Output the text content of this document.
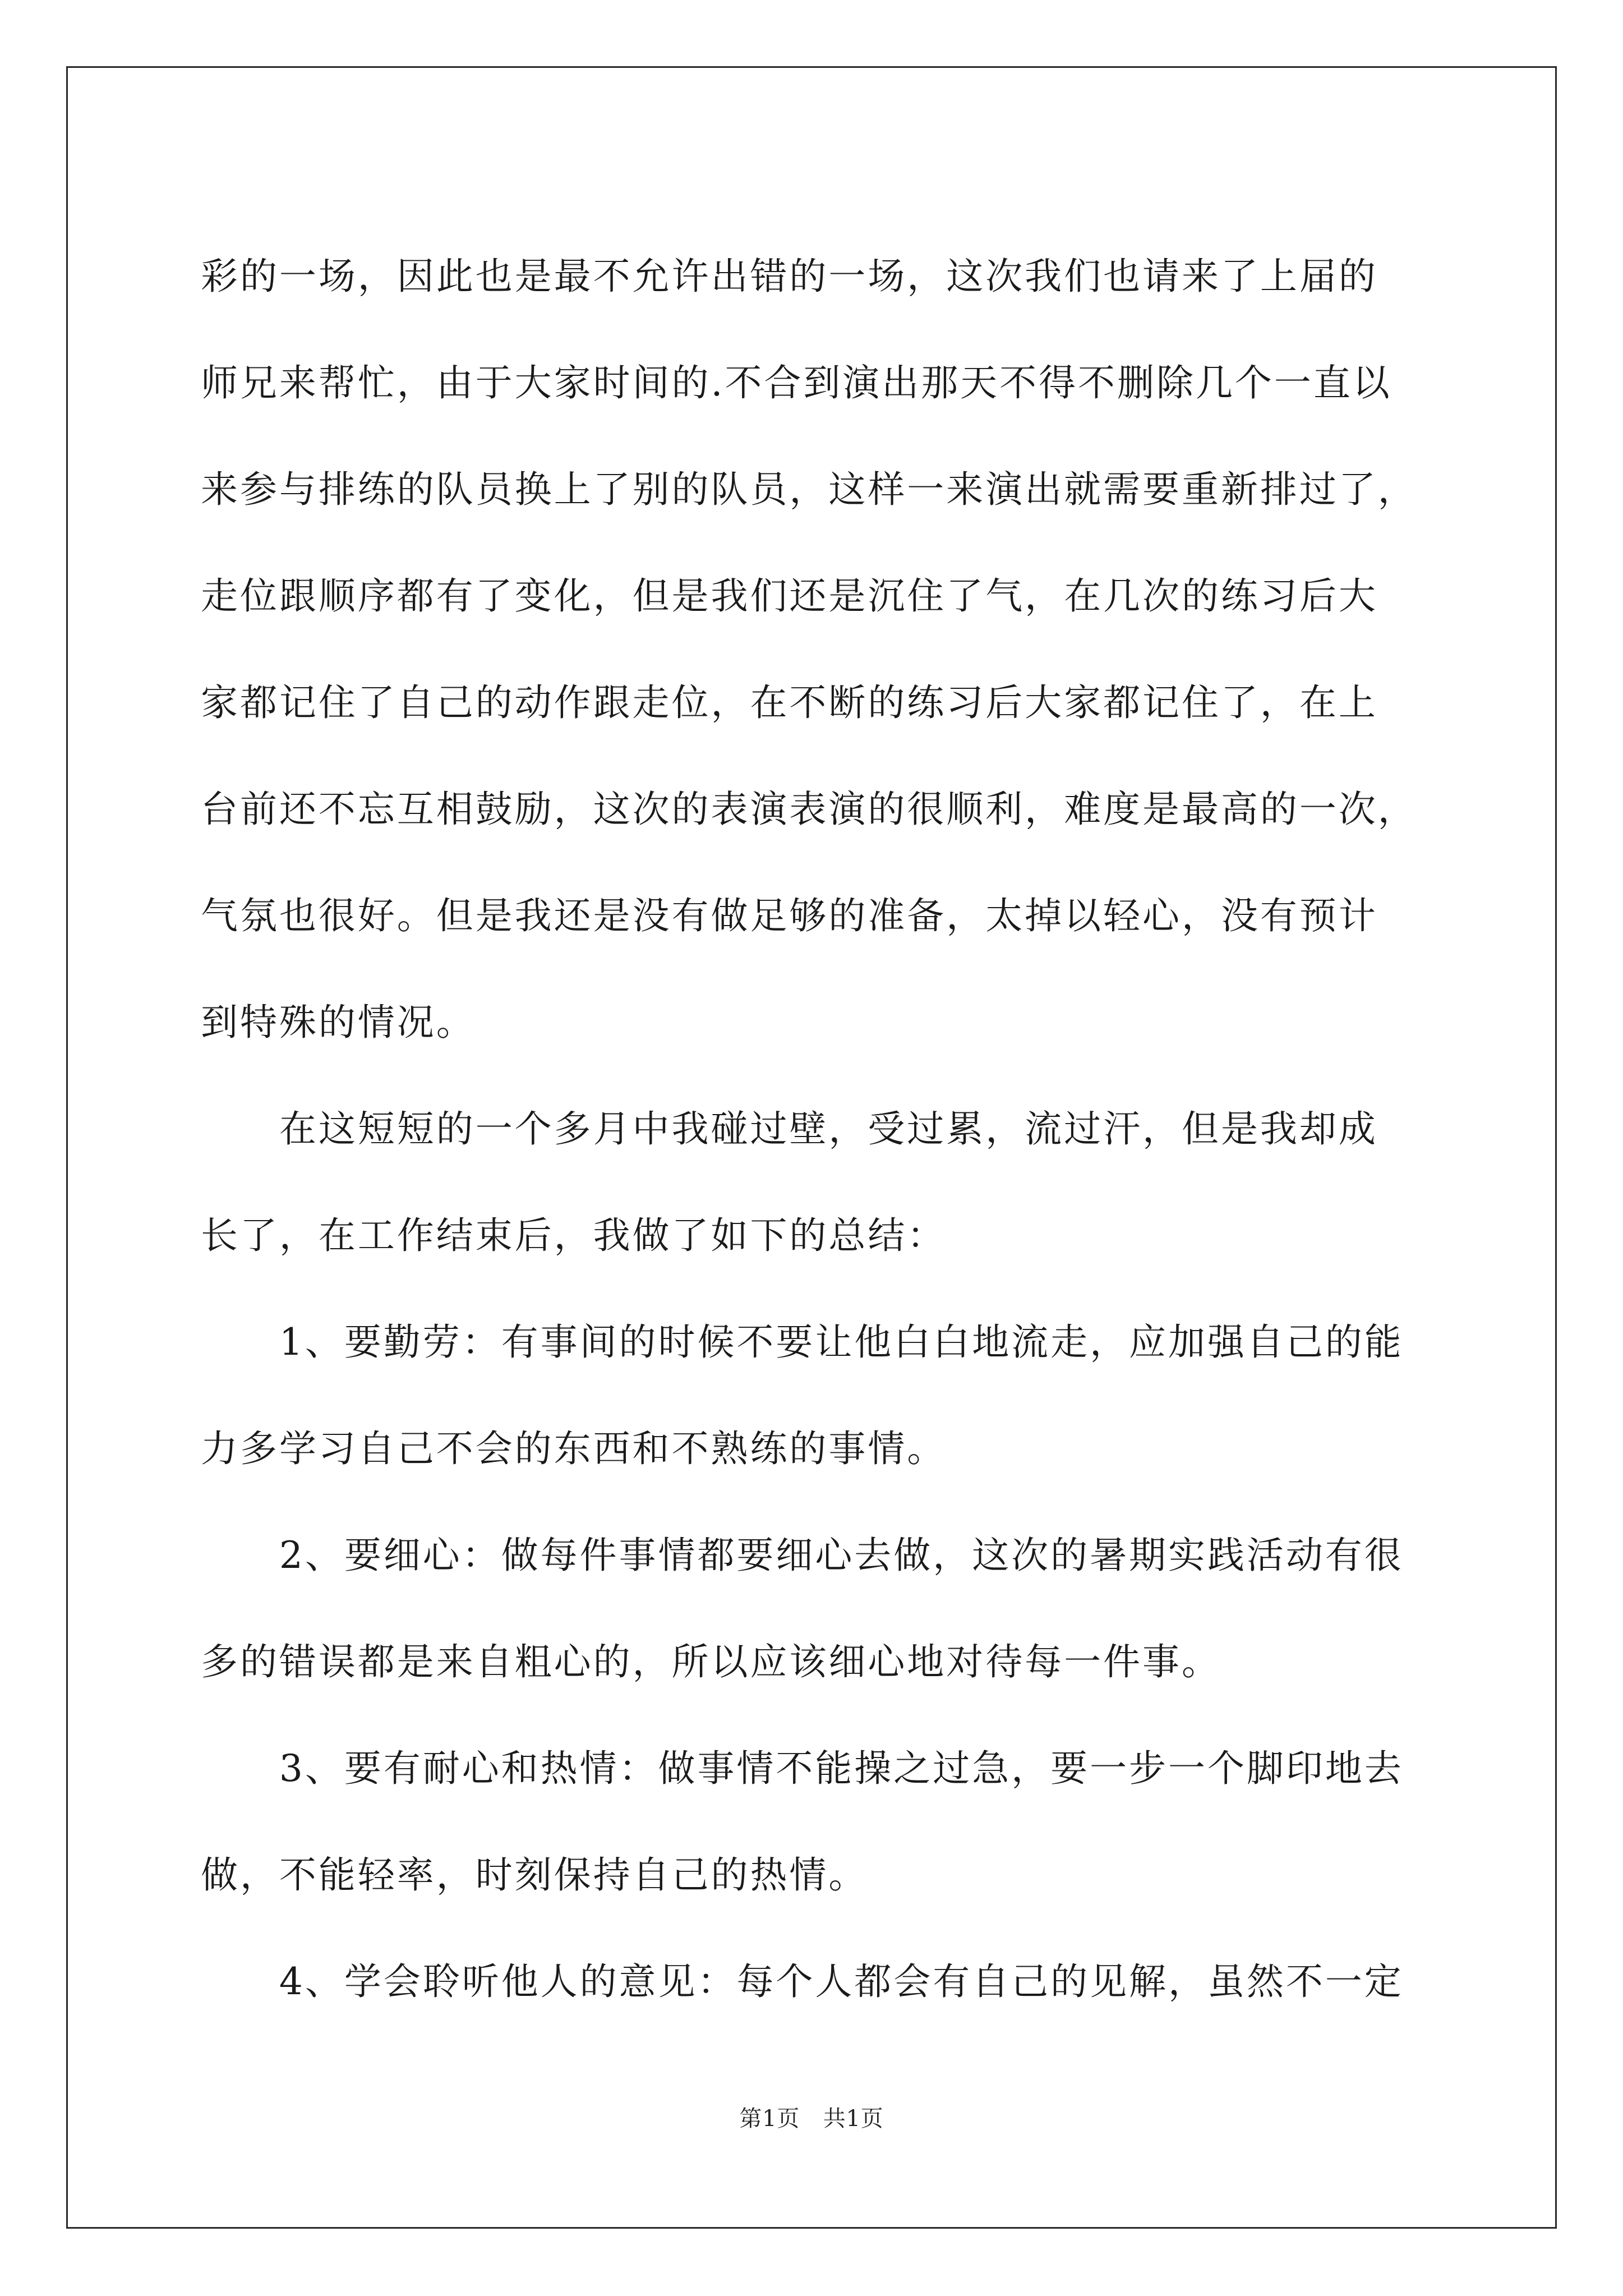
彩的一场，因此也是最不允许出错的一场，这次我们也请来了上届的
师兄来帮忙，由于大家时间的.不合到演出那天不得不删除几个一直以
来参与排练的队员换上了别的队员，这样一来演出就需要重新排过了，
走位跟顺序都有了变化，但是我们还是沉住了气，在几次的练习后大
家都记住了自己的动作跟走位，在不断的练习后大家都记住了，在上
台前还不忘互相鼓励，这次的表演表演的很顺利，难度是最高的一次，
气氛也很好。但是我还是没有做足够的准备，太掉以轻心，没有预计
到特殊的情况。
　　在这短短的一个多月中我碰过壁，受过累，流过汗，但是我却成
长了，在工作结束后，我做了如下的总结：
　　1、要勤劳：有事间的时候不要让他白白地流走，应加强自己的能
力多学习自己不会的东西和不熟练的事情。
　　2、要细心：做每件事情都要细心去做，这次的暑期实践活动有很
多的错误都是来自粗心的，所以应该细心地对待每一件事。
　　3、要有耐心和热情：做事情不能操之过急，要一步一个脚印地去
做，不能轻率，时刻保持自己的热情。
　　4、学会聆听他人的意见：每个人都会有自己的见解，虽然不一定
第1页 共1页
